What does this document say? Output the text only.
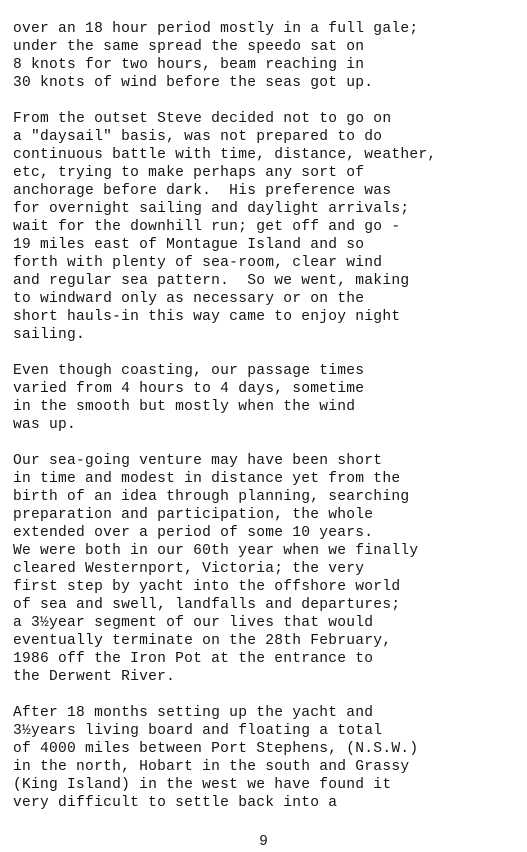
over an 18 hour period mostly in a full gale;
under the same spread the speedo sat on
8 knots for two hours, beam reaching in
30 knots of wind before the seas got up.
From the outset Steve decided not to go on
a "daysail" basis, was not prepared to do
continuous battle with time, distance, weather,
etc, trying to make perhaps any sort of
anchorage before dark.  His preference was
for overnight sailing and daylight arrivals;
wait for the downhill run; get off and go -
19 miles east of Montague Island and so
forth with plenty of sea-room, clear wind
and regular sea pattern.  So we went, making
to windward only as necessary or on the
short hauls-in this way came to enjoy night
sailing.
Even though coasting, our passage times
varied from 4 hours to 4 days, sometime
in the smooth but mostly when the wind
was up.
Our sea-going venture may have been short
in time and modest in distance yet from the
birth of an idea through planning, searching
preparation and participation, the whole
extended over a period of some 10 years.
We were both in our 60th year when we finally
cleared Westernport, Victoria; the very
first step by yacht into the offshore world
of sea and swell, landfalls and departures;
a 3½year segment of our lives that would
eventually terminate on the 28th February,
1986 off the Iron Pot at the entrance to
the Derwent River.
After 18 months setting up the yacht and
3½years living board and floating a total
of 4000 miles between Port Stephens, (N.S.W.)
in the north, Hobart in the south and Grassy
(King Island) in the west we have found it
very difficult to settle back into a
9
